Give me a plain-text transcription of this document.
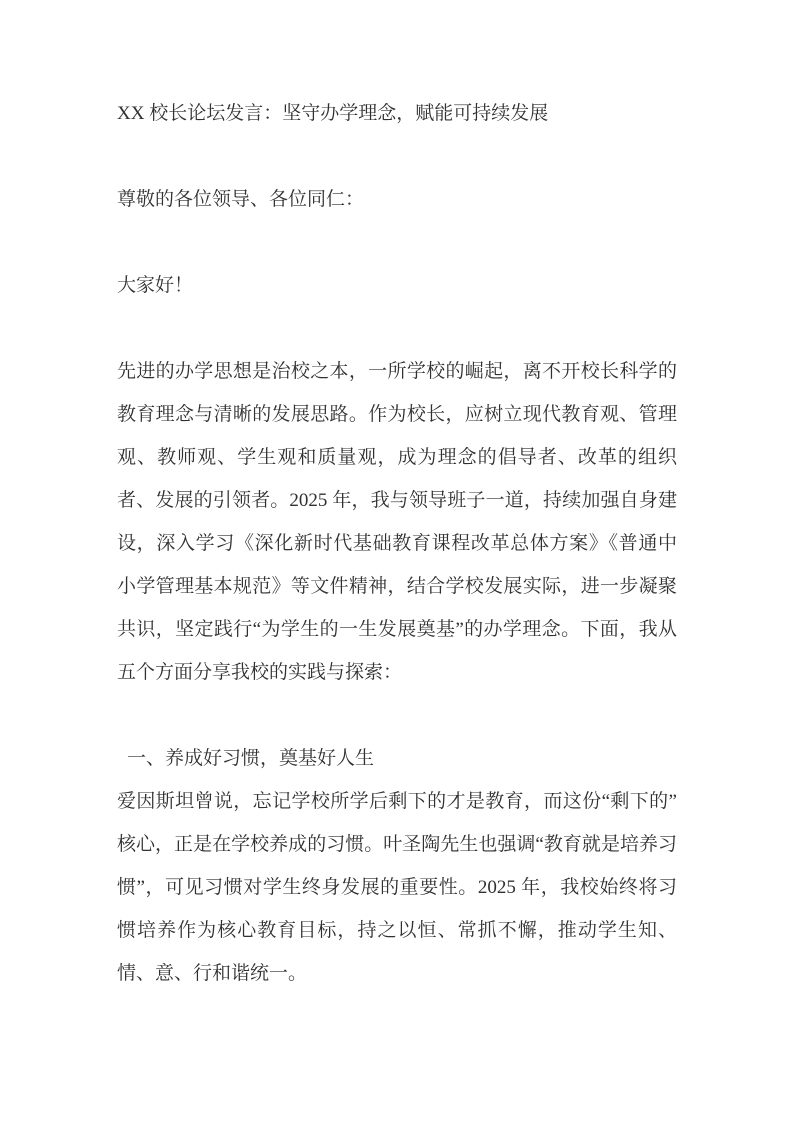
XX 校长论坛发言：坚守办学理念，赋能可持续发展
尊敬的各位领导、各位同仁：
大家好！
先进的办学思想是治校之本，一所学校的崛起，离不开校长科学的教育理念与清晰的发展思路。作为校长，应树立现代教育观、管理观、教师观、学生观和质量观，成为理念的倡导者、改革的组织者、发展的引领者。2025 年，我与领导班子一道，持续加强自身建设，深入学习《深化新时代基础教育课程改革总体方案》《普通中小学管理基本规范》等文件精神，结合学校发展实际，进一步凝聚共识，坚定践行“为学生的一生发展奠基”的办学理念。下面，我从五个方面分享我校的实践与探索：
一、养成好习惯，奠基好人生
爱因斯坦曾说，忘记学校所学后剩下的才是教育，而这份“剩下的”核心，正是在学校养成的习惯。叶圣陶先生也强调“教育就是培养习惯”，可见习惯对学生终身发展的重要性。2025 年，我校始终将习惯培养作为核心教育目标，持之以恒、常抓不懈，推动学生知、情、意、行和谐统一。
